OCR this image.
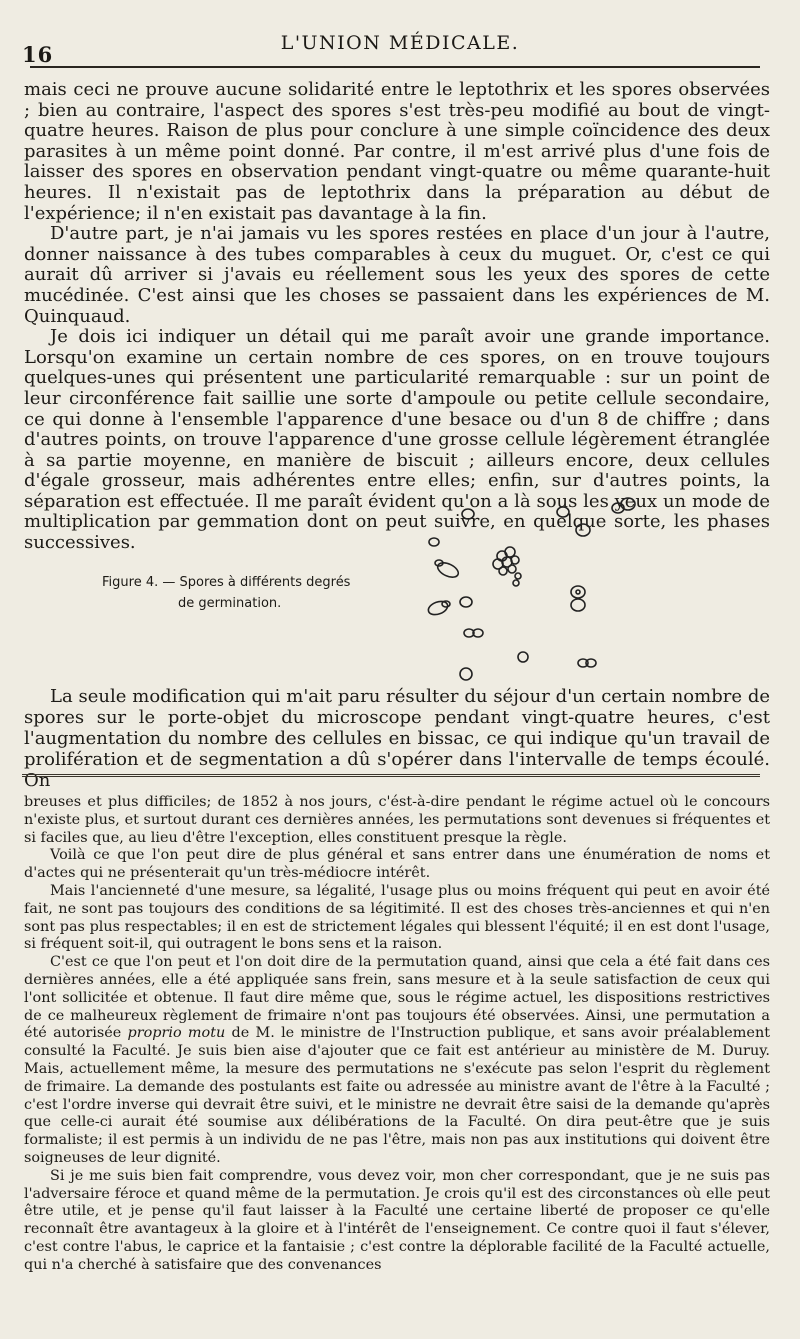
16	L'UNION MÉDICALE.

mais ceci ne prouve aucune solidarité entre le leptothrix et les spores observées ; bien au contraire, l'aspect des spores s'est très-peu modifié au bout de vingt-quatre heures. Raison de plus pour conclure à une simple coïncidence des deux parasites à un même point donné. Par contre, il m'est arrivé plus d'une fois de laisser des spores en observation pendant vingt-quatre ou même quarante-huit heures. Il n'existait pas de leptothrix dans la préparation au début de l'expérience; il n'en existait pas davantage à la fin.

D'autre part, je n'ai jamais vu les spores restées en place d'un jour à l'autre, donner naissance à des tubes comparables à ceux du muguet. Or, c'est ce qui aurait dû arriver si j'avais eu réellement sous les yeux des spores de cette mucédinée. C'est ainsi que les choses se passaient dans les expériences de M. Quinquaud.

Je dois ici indiquer un détail qui me paraît avoir une grande importance. Lorsqu'on examine un certain nombre de ces spores, on en trouve toujours quelques-unes qui présentent une particularité remarquable : sur un point de leur circonférence fait saillie une sorte d'ampoule ou petite cellule secondaire, ce qui donne à l'ensemble l'apparence d'une besace ou d'un 8 de chiffre ; dans d'autres points, on trouve l'apparence d'une grosse cellule légèrement étranglée à sa partie moyenne, en manière de biscuit ; ailleurs encore, deux cellules d'égale grosseur, mais adhérentes entre elles; enfin, sur d'autres points, la séparation est effectuée. Il me paraît évident qu'on a là sous les yeux un mode de multiplication par gemmation dont on peut suivre, en quelque sorte, les phases successives.

Figure 4. — Spores à différents degrés
de germination.

La seule modification qui m'ait paru résulter du séjour d'un certain nombre de spores sur le porte-objet du microscope pendant vingt-quatre heures, c'est l'augmentation du nombre des cellules en bissac, ce qui indique qu'un travail de prolifération et de segmentation a dû s'opérer dans l'intervalle de temps écoulé. On

breuses et plus difficiles; de 1852 à nos jours, c'ést-à-dire pendant le régime actuel où le concours n'existe plus, et surtout durant ces dernières années, les permutations sont devenues si fréquentes et si faciles que, au lieu d'être l'exception, elles constituent presque la règle.

Voilà ce que l'on peut dire de plus général et sans entrer dans une énumération de noms et d'actes qui ne présenterait qu'un très-médiocre intérêt.

Mais l'ancienneté d'une mesure, sa légalité, l'usage plus ou moins fréquent qui peut en avoir été fait, ne sont pas toujours des conditions de sa légitimité. Il est des choses très-anciennes et qui n'en sont pas plus respectables; il en est de strictement légales qui blessent l'équité; il en est dont l'usage, si fréquent soit-il, qui outragent le bons sens et la raison.

C'est ce que l'on peut et l'on doit dire de la permutation quand, ainsi que cela a été fait dans ces dernières années, elle a été appliquée sans frein, sans mesure et à la seule satisfaction de ceux qui l'ont sollicitée et obtenue. Il faut dire même que, sous le régime actuel, les dispositions restrictives de ce malheureux règlement de frimaire n'ont pas toujours été observées. Ainsi, une permutation a été autorisée proprio motu de M. le ministre de l'Instruction publique, et sans avoir préalablement consulté la Faculté. Je suis bien aise d'ajouter que ce fait est antérieur au ministère de M. Duruy. Mais, actuellement même, la mesure des permutations ne s'exécute pas selon l'esprit du règlement de frimaire. La demande des postulants est faite ou adressée au ministre avant de l'être à la Faculté ; c'est l'ordre inverse qui devrait être suivi, et le ministre ne devrait être saisi de la demande qu'après que celle-ci aurait été soumise aux délibérations de la Faculté. On dira peut-être que je suis formaliste; il est permis à un individu de ne pas l'être, mais non pas aux institutions qui doivent être soigneuses de leur dignité.

Si je me suis bien fait comprendre, vous devez voir, mon cher correspondant, que je ne suis pas l'adversaire féroce et quand même de la permutation. Je crois qu'il est des circonstances où elle peut être utile, et je pense qu'il faut laisser à la Faculté une certaine liberté de proposer ce qu'elle reconnaît être avantageux à la gloire et à l'intérêt de l'enseignement. Ce contre quoi il faut s'élever, c'est contre l'abus, le caprice et la fantaisie ; c'est contre la déplorable facilité de la Faculté actuelle, qui n'a cherché à satisfaire que des convenances
